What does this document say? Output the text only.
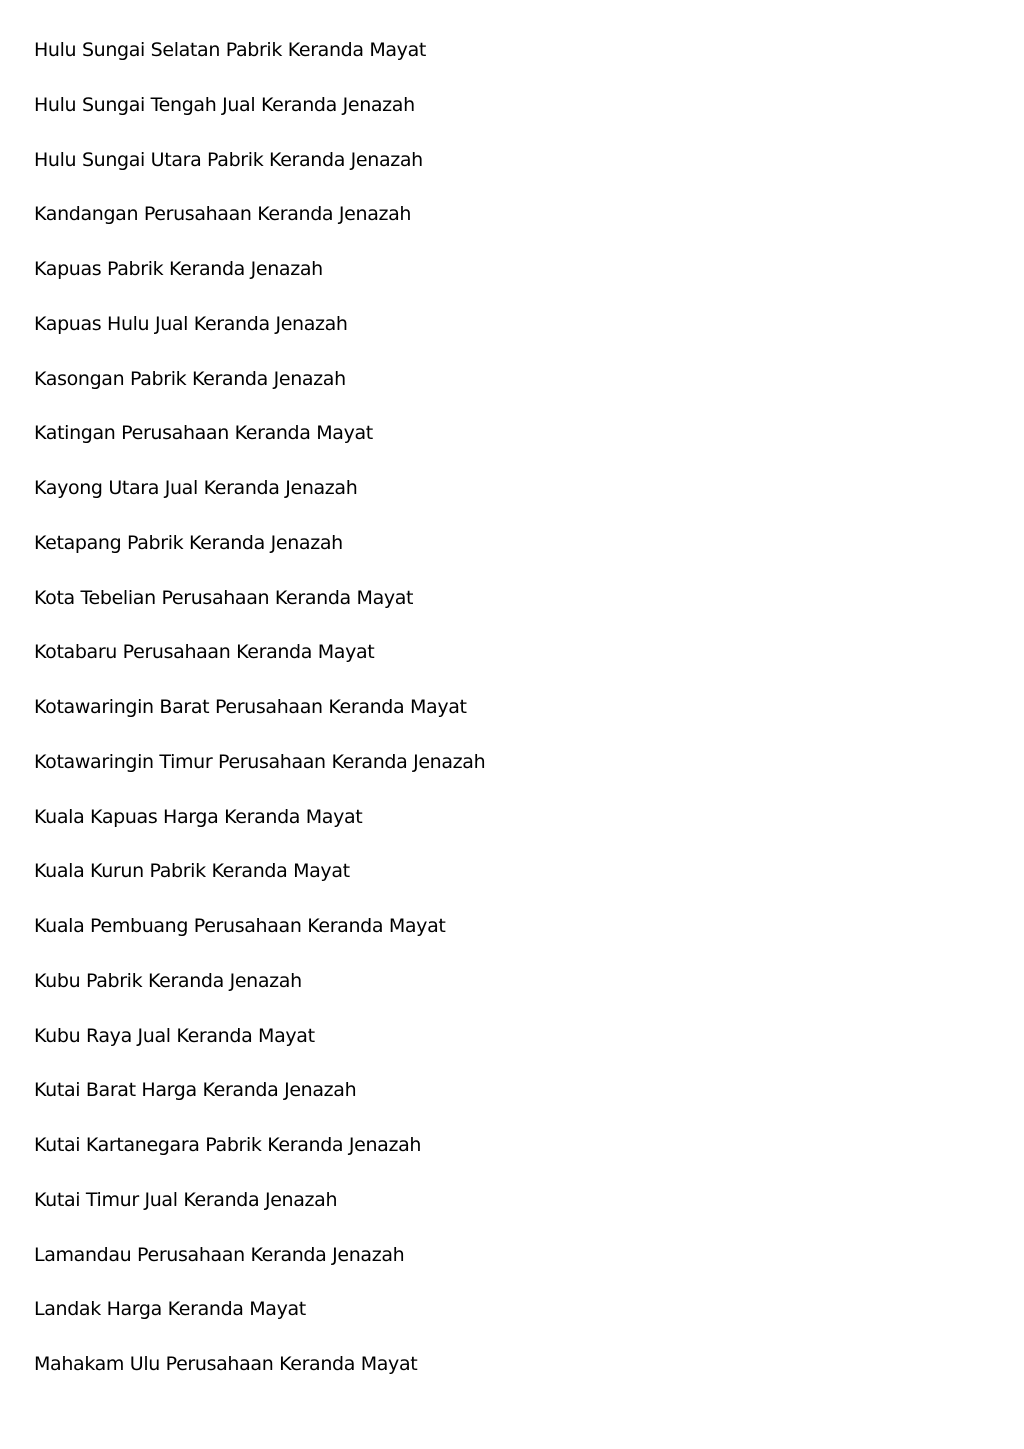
Hulu Sungai Selatan Pabrik Keranda Mayat
Hulu Sungai Tengah Jual Keranda Jenazah
Hulu Sungai Utara Pabrik Keranda Jenazah
Kandangan Perusahaan Keranda Jenazah
Kapuas Pabrik Keranda Jenazah
Kapuas Hulu Jual Keranda Jenazah
Kasongan Pabrik Keranda Jenazah
Katingan Perusahaan Keranda Mayat
Kayong Utara Jual Keranda Jenazah
Ketapang Pabrik Keranda Jenazah
Kota Tebelian Perusahaan Keranda Mayat
Kotabaru Perusahaan Keranda Mayat
Kotawaringin Barat Perusahaan Keranda Mayat
Kotawaringin Timur Perusahaan Keranda Jenazah
Kuala Kapuas Harga Keranda Mayat
Kuala Kurun Pabrik Keranda Mayat
Kuala Pembuang Perusahaan Keranda Mayat
Kubu Pabrik Keranda Jenazah
Kubu Raya Jual Keranda Mayat
Kutai Barat Harga Keranda Jenazah
Kutai Kartanegara Pabrik Keranda Jenazah
Kutai Timur Jual Keranda Jenazah
Lamandau Perusahaan Keranda Jenazah
Landak Harga Keranda Mayat
Mahakam Ulu Perusahaan Keranda Mayat
